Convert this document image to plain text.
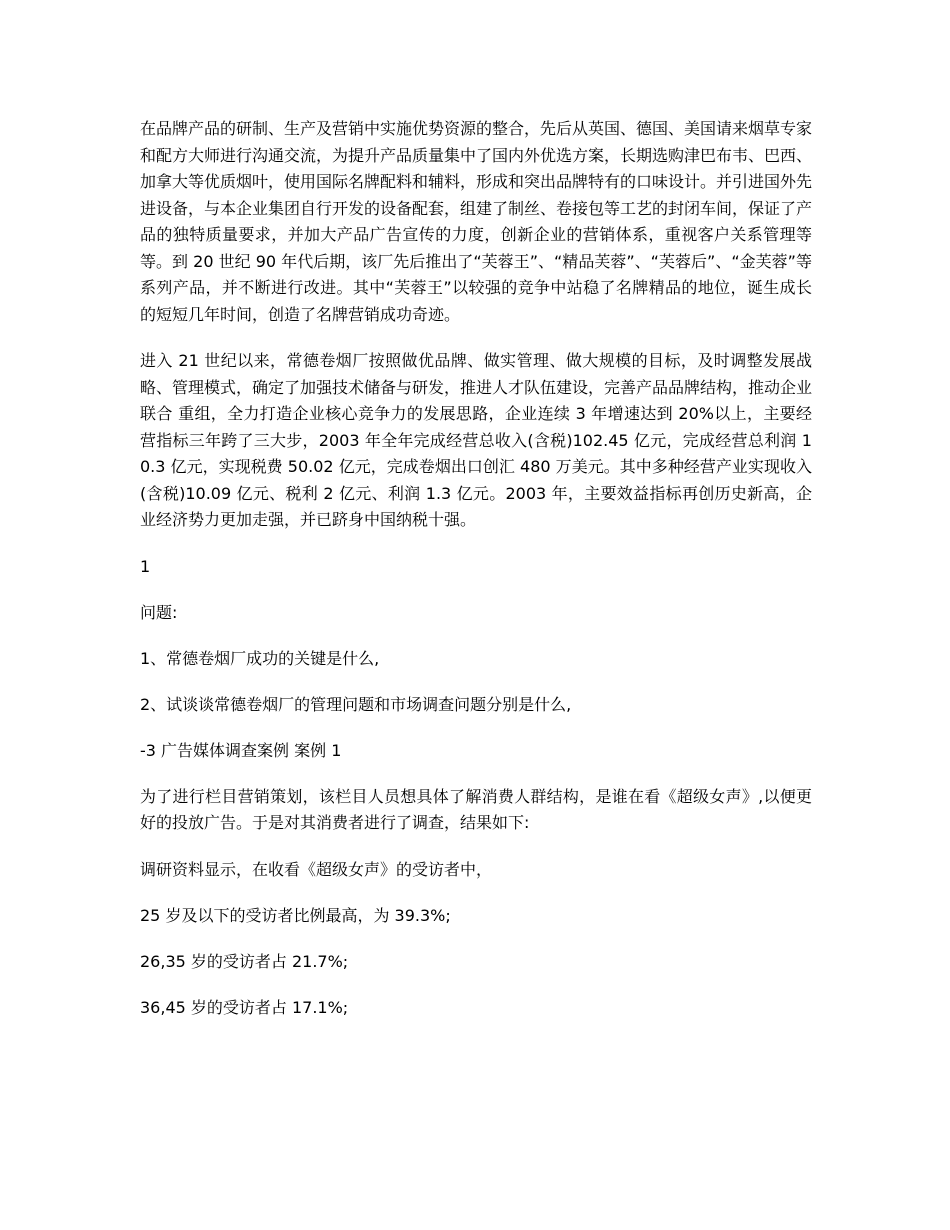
在品牌产品的研制、生产及营销中实施优势资源的整合，先后从英国、德国、美国请来烟草专家和配方大师进行沟通交流，为提升产品质量集中了国内外优选方案，长期选购津巴布韦、巴西、加拿大等优质烟叶，使用国际名牌配料和辅料，形成和突出品牌特有的口味设计。并引进国外先进设备，与本企业集团自行开发的设备配套，组建了制丝、卷接包等工艺的封闭车间，保证了产品的独特质量要求，并加大产品广告宣传的力度，创新企业的营销体系，重视客户关系管理等等。到 20 世纪 90 年代后期，该厂先后推出了“芙蓉王”、“精品芙蓉”、“芙蓉后”、“金芙蓉”等系列产品，并不断进行改进。其中“芙蓉王”以较强的竞争中站稳了名牌精品的地位，诞生成长的短短几年时间，创造了名牌营销成功奇迹。

进入 21 世纪以来，常德卷烟厂按照做优品牌、做实管理、做大规模的目标，及时调整发展战略、管理模式，确定了加强技术储备与研发，推进人才队伍建设，完善产品品牌结构，推动企业联合 重组，全力打造企业核心竞争力的发展思路，企业连续 3 年增速达到 20%以上，主要经营指标三年跨了三大步，2003 年全年完成经营总收入(含税)102.45 亿元，完成经营总利润 10.3 亿元，实现税费 50.02 亿元，完成卷烟出口创汇 480 万美元。其中多种经营产业实现收入(含税)10.09 亿元、税利 2 亿元、利润 1.3 亿元。2003 年，主要效益指标再创历史新高，企业经济势力更加走强，并已跻身中国纳税十强。

1

问题:

1、常德卷烟厂成功的关键是什么,

2、试谈谈常德卷烟厂的管理问题和市场调查问题分别是什么,

-3 广告媒体调查案例 案例 1

为了进行栏目营销策划，该栏目人员想具体了解消费人群结构，是谁在看《超级女声》,以便更好的投放广告。于是对其消费者进行了调查，结果如下:

调研资料显示，在收看《超级女声》的受访者中，

25 岁及以下的受访者比例最高，为 39.3%;

26,35 岁的受访者占 21.7%;

36,45 岁的受访者占 17.1%;
